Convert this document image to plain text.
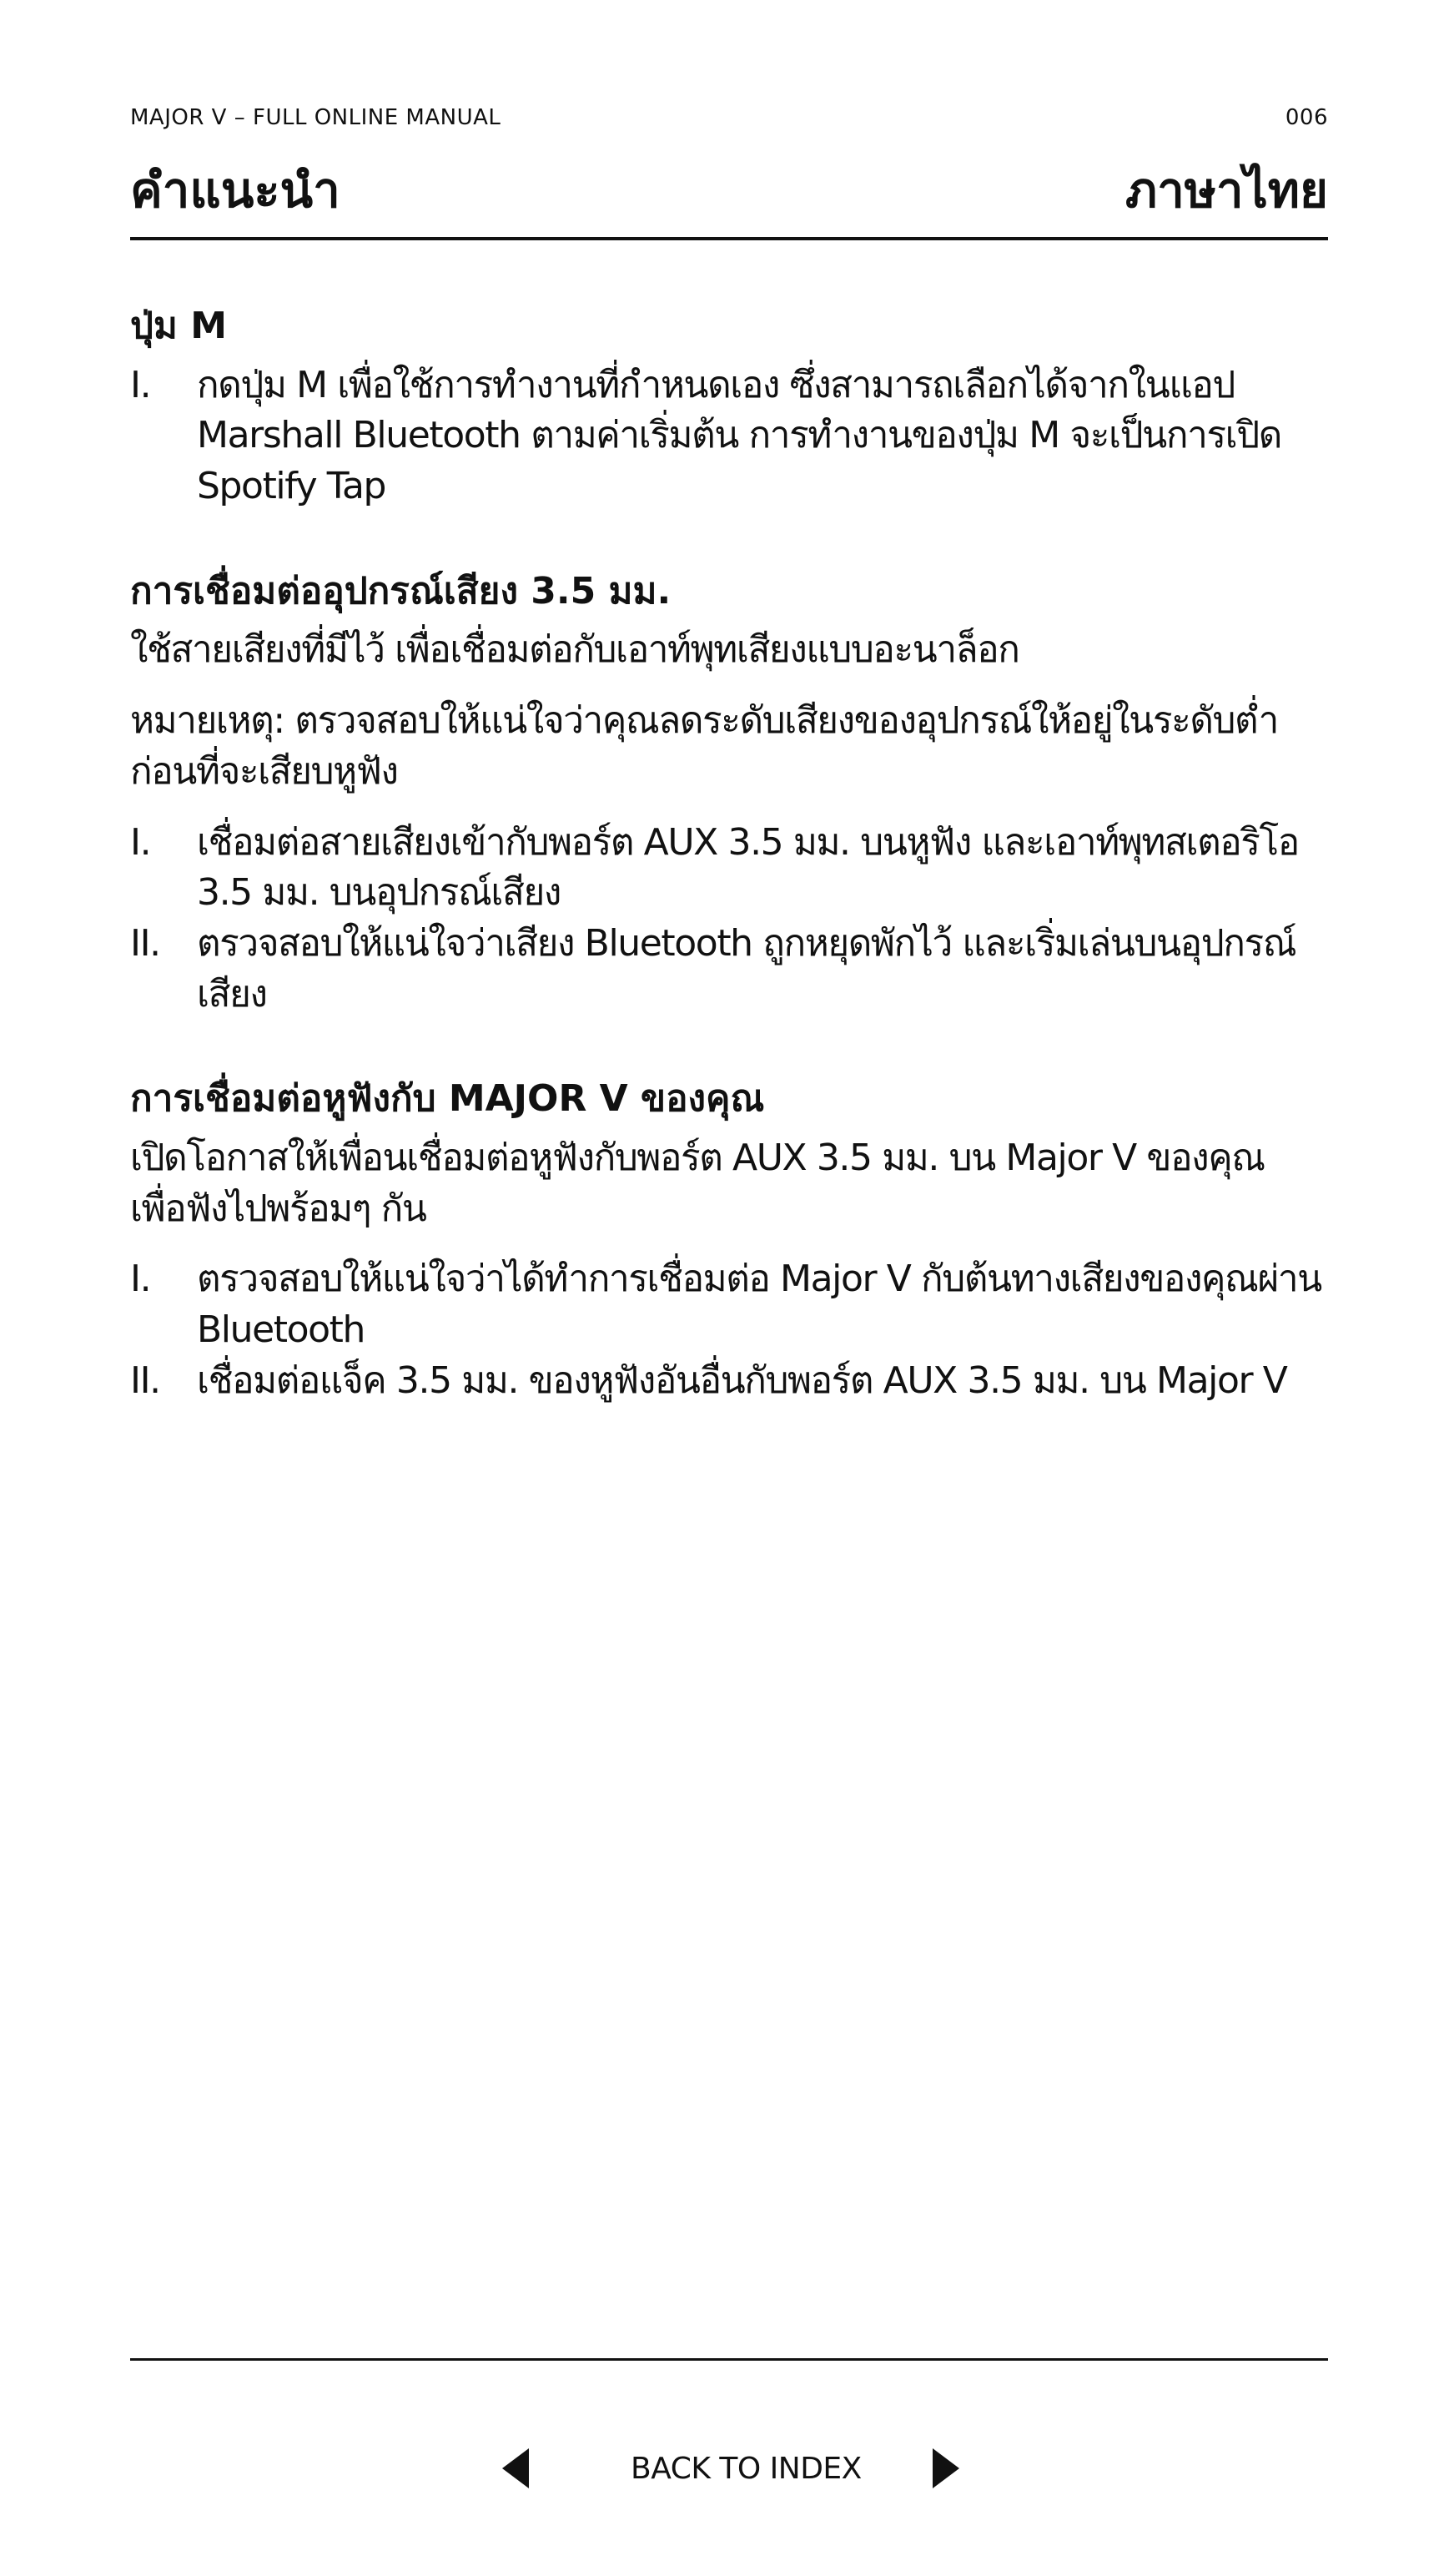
MAJOR V – FULL ONLINE MANUAL	006
คำแนะนำ	ภาษาไทย
ปุ่ม M
I. กดปุ่ม M เพื่อใช้การทำงานที่กำหนดเอง ซึ่งสามารถเลือกได้จากในแอป Marshall Bluetooth ตามค่าเริ่มต้น การทำงานของปุ่ม M จะเป็นการเปิด Spotify Tap
การเชื่อมต่ออุปกรณ์เสียง 3.5 มม.

ใช้สายเสียงที่มีไว้ เพื่อเชื่อมต่อกับเอาท์พุทเสียงแบบอะนาล็อก

หมายเหตุ: ตรวจสอบให้แน่ใจว่าคุณลดระดับเสียงของอุปกรณ์ให้อยู่ในระดับต่ำก่อนที่จะเสียบหูฟัง

I. เชื่อมต่อสายเสียงเข้ากับพอร์ต AUX 3.5 มม. บนหูฟัง และเอาท์พุทสเตอริโอ 3.5 มม. บนอุปกรณ์เสียง
II. ตรวจสอบให้แน่ใจว่าเสียง Bluetooth ถูกหยุดพักไว้ และเริ่มเล่นบนอุปกรณ์เสียง
การเชื่อมต่อหูฟังกับ MAJOR V ของคุณ

เปิดโอกาสให้เพื่อนเชื่อมต่อหูฟังกับพอร์ต AUX 3.5 มม. บน Major V ของคุณ เพื่อฟังไปพร้อมๆ กัน

I. ตรวจสอบให้แน่ใจว่าได้ทำการเชื่อมต่อ Major V กับต้นทางเสียงของคุณผ่าน Bluetooth
II. เชื่อมต่อแจ็ค 3.5 มม. ของหูฟังอันอื่นกับพอร์ต AUX 3.5 มม. บน Major V
BACK TO INDEX
